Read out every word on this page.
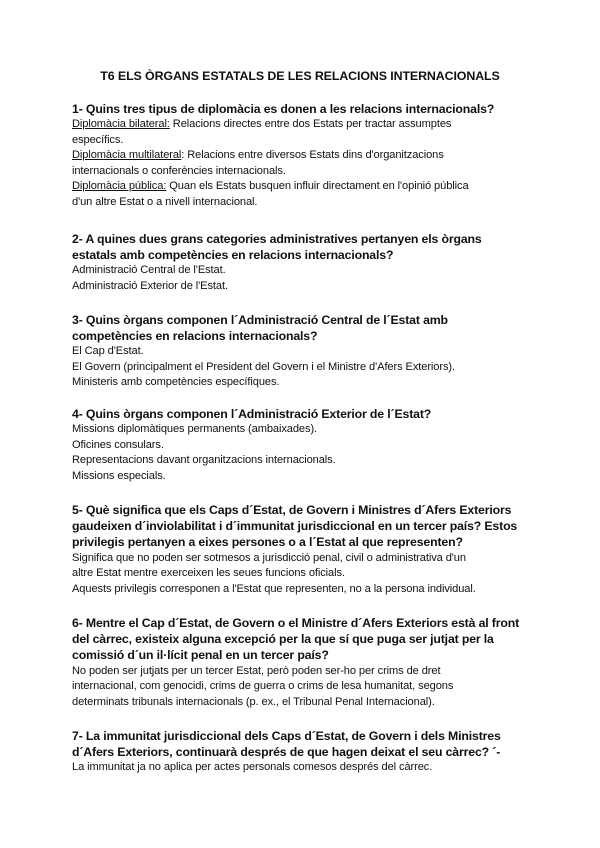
T6 ELS ÒRGANS ESTATALS DE LES RELACIONS INTERNACIONALS
1- Quins tres tipus de diplomàcia es donen a les relacions internacionals?
Diplomàcia bilateral: Relacions directes entre dos Estats per tractar assumptes
específics.
Diplomàcia multilateral: Relacions entre diversos Estats dins d'organitzacions
internacionals o conferències internacionals.
Diplomàcia pública: Quan els Estats busquen influir directament en l'opinió pública
d'un altre Estat o a nivell internacional.
2- A quines dues grans categories administratives pertanyen els òrgans
estatals amb competències en relacions internacionals?
Administració Central de l'Estat.
Administració Exterior de l'Estat.
3- Quins òrgans componen l´Administració Central de l´Estat amb
competències en relacions internacionals?
El Cap d'Estat.
El Govern (principalment el President del Govern i el Ministre d'Afers Exteriors).
Ministeris amb competències específiques.
4- Quins òrgans componen l´Administració Exterior de l´Estat?
Missions diplomàtiques permanents (ambaixades).
Oficines consulars.
Representacions davant organitzacions internacionals.
Missions especials.
5- Què significa que els Caps d´Estat, de Govern i Ministres d´Afers Exteriors
gaudeixen d´inviolabilitat i d´immunitat jurisdiccional en un tercer país? Estos
privilegis pertanyen a eixes persones o a l´Estat al que representen?
Significa que no poden ser sotmesos a jurisdicció penal, civil o administrativa d'un
altre Estat mentre exerceixen les seues funcions oficials.
Aquests privilegis corresponen a l'Estat que representen, no a la persona individual.
6- Mentre el Cap d´Estat, de Govern o el Ministre d´Afers Exteriors està al front
del càrrec, existeix alguna excepció per la que sí que puga ser jutjat per la
comissió d´un il·lícit penal en un tercer país?
No poden ser jutjats per un tercer Estat, però poden ser-ho per crims de dret
internacional, com genocidi, crims de guerra o crims de lesa humanitat, segons
determinats tribunals internacionals (p. ex., el Tribunal Penal Internacional).
7- La immunitat jurisdiccional dels Caps d´Estat, de Govern i dels Ministres
d´Afers Exteriors, continuarà després de que hagen deixat el seu càrrec? ´-
La immunitat ja no aplica per actes personals comesos després del càrrec.
